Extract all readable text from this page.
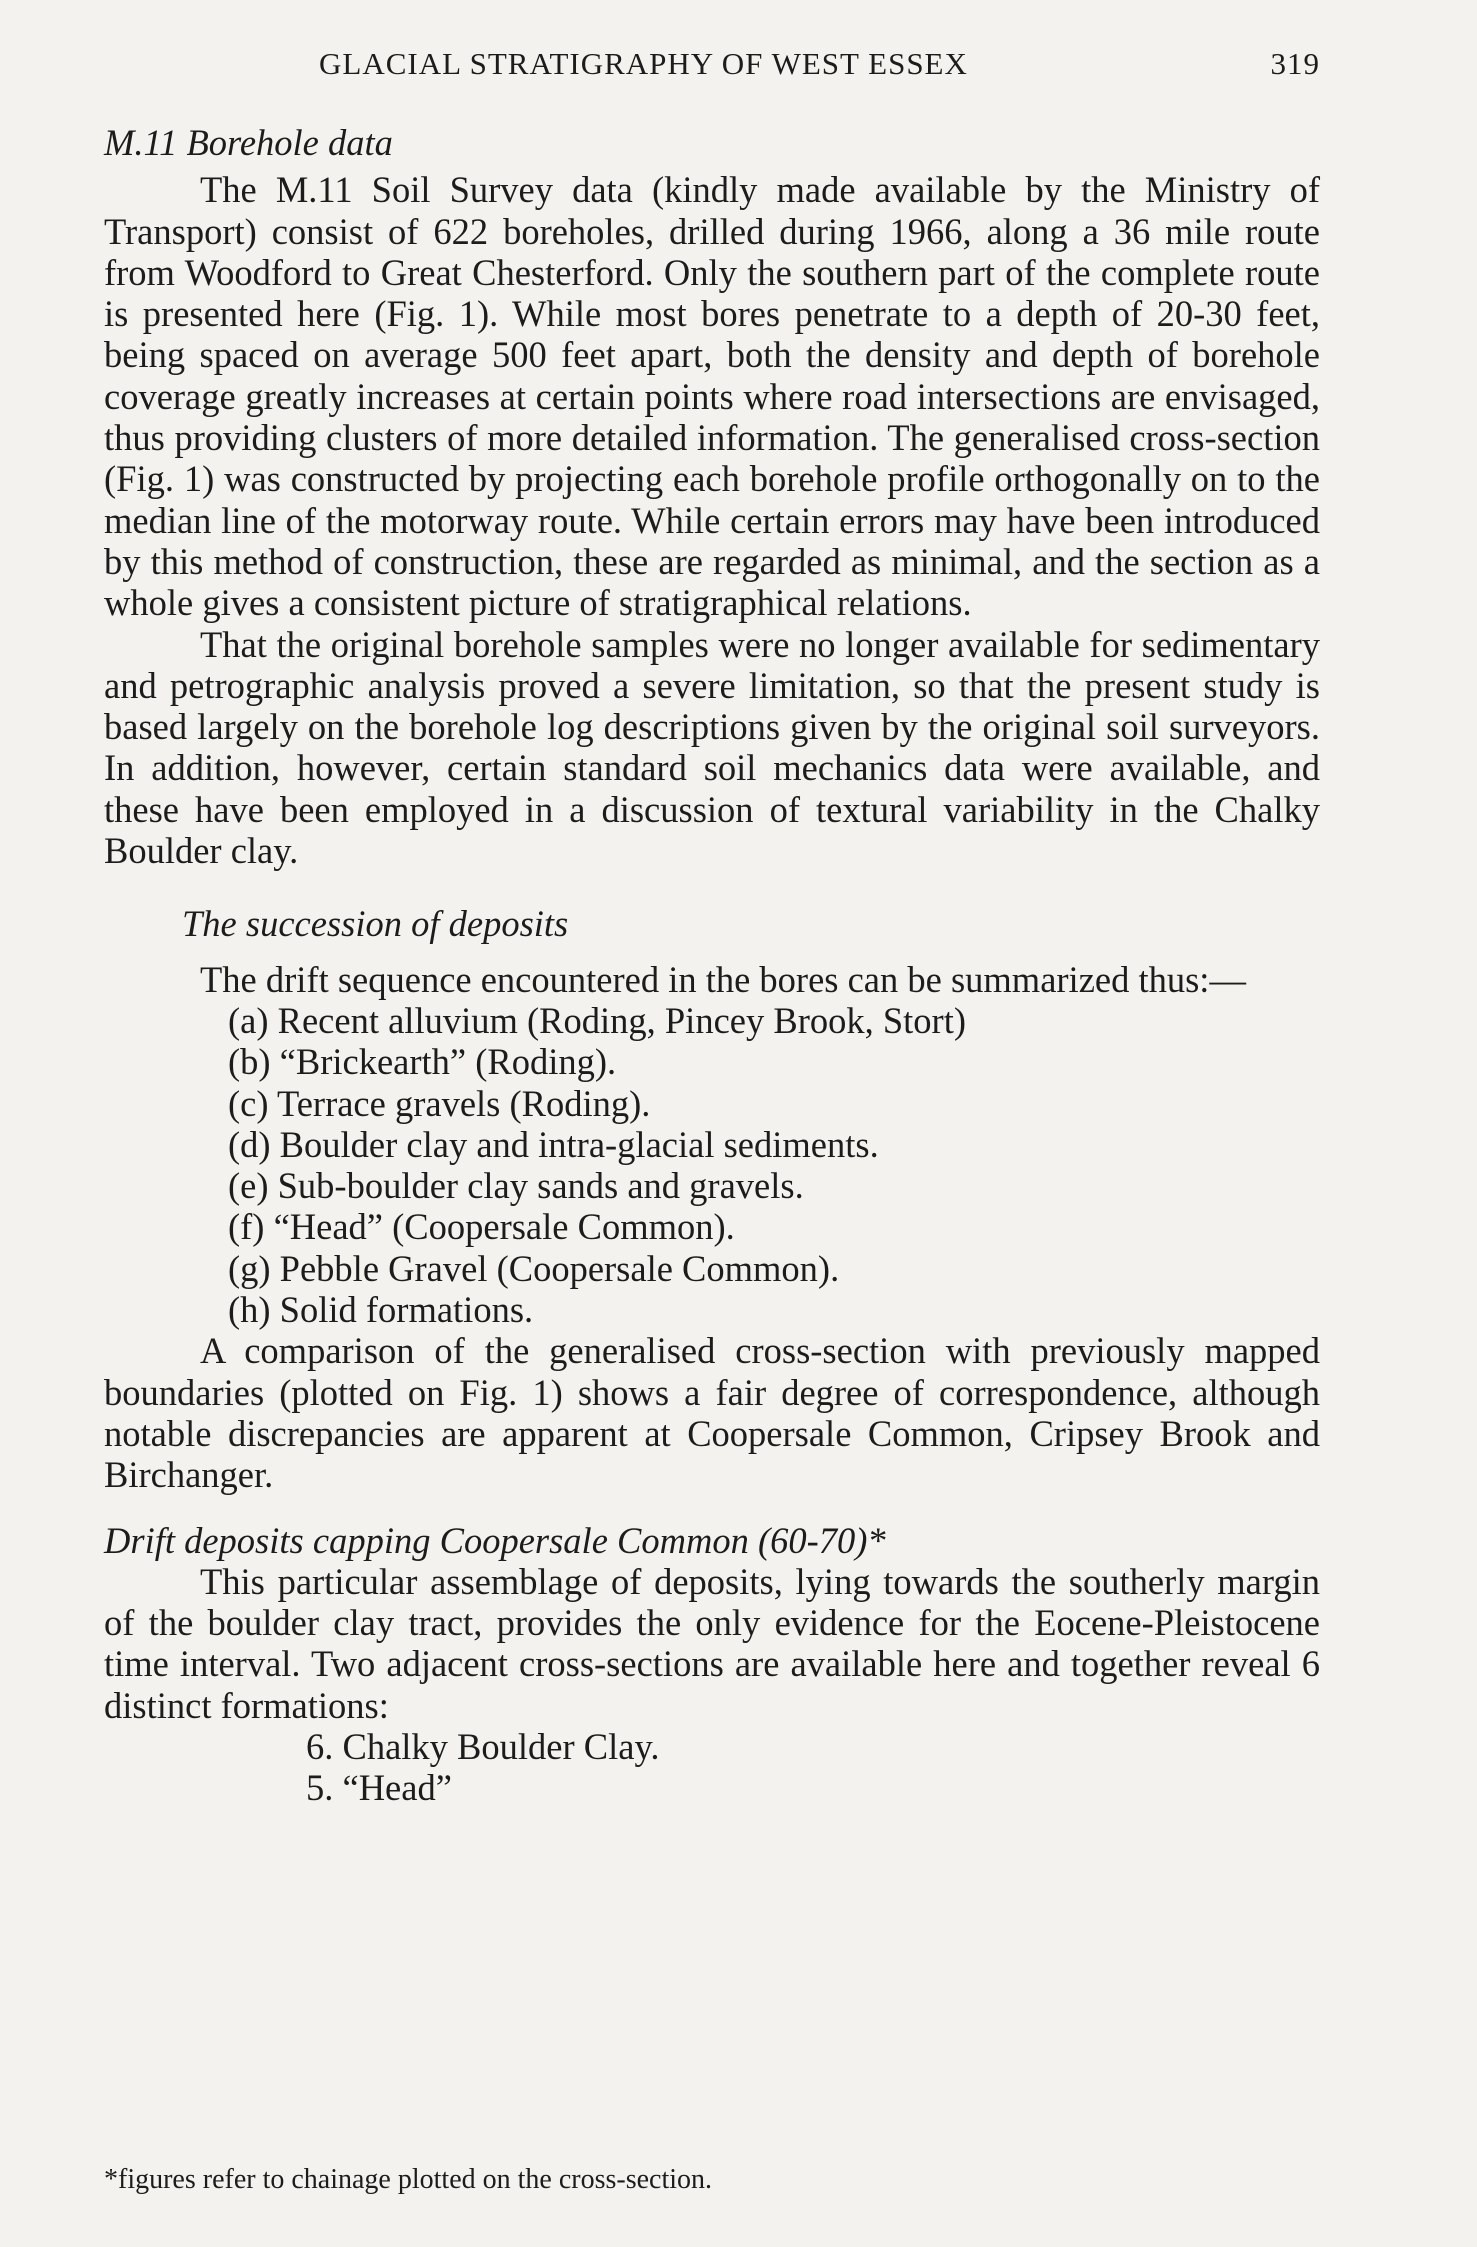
GLACIAL STRATIGRAPHY OF WEST ESSEX	319
M.11 Borehole data

The M.11 Soil Survey data (kindly made available by the Ministry of Transport) consist of 622 boreholes, drilled during 1966, along a 36 mile route from Woodford to Great Chesterford. Only the southern part of the complete route is presented here (Fig. 1). While most bores penetrate to a depth of 20-30 feet, being spaced on average 500 feet apart, both the density and depth of borehole coverage greatly increases at certain points where road intersections are envisaged, thus providing clusters of more detailed information. The generalised cross-section (Fig. 1) was constructed by projecting each borehole profile orthogonally on to the median line of the motorway route. While certain errors may have been introduced by this method of construction, these are regarded as minimal, and the section as a whole gives a consistent picture of stratigraphical relations.

That the original borehole samples were no longer available for sedimentary and petrographic analysis proved a severe limitation, so that the present study is based largely on the borehole log descriptions given by the original soil surveyors. In addition, however, certain standard soil mechanics data were available, and these have been employed in a discussion of textural variability in the Chalky Boulder clay.

The succession of deposits

The drift sequence encountered in the bores can be summarized thus:—

(a) Recent alluvium (Roding, Pincey Brook, Stort)
(b) “Brickearth” (Roding).
(c) Terrace gravels (Roding).
(d) Boulder clay and intra-glacial sediments.
(e) Sub-boulder clay sands and gravels.
(f) “Head” (Coopersale Common).
(g) Pebble Gravel (Coopersale Common).
(h) Solid formations.

A comparison of the generalised cross-section with previously mapped boundaries (plotted on Fig. 1) shows a fair degree of correspondence, although notable discrepancies are apparent at Coopersale Common, Cripsey Brook and Birchanger.

Drift deposits capping Coopersale Common (60-70)*

This particular assemblage of deposits, lying towards the southerly margin of the boulder clay tract, provides the only evidence for the Eocene-Pleistocene time interval. Two adjacent cross-sections are available here and together reveal 6 distinct formations:

6. Chalky Boulder Clay.
5. “Head”
*figures refer to chainage plotted on the cross-section.
